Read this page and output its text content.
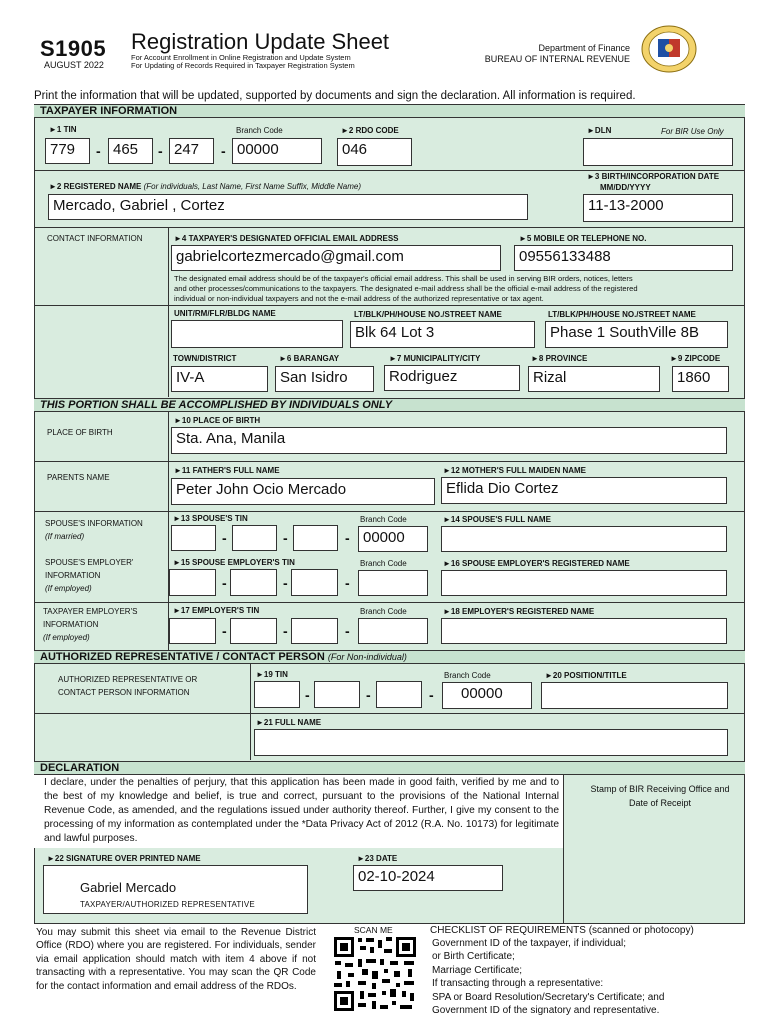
S1905
AUGUST 2022
Registration Update Sheet
For Account Enrollment in Online Registration and Update System
For Updating of Records Required in Taxpayer Registration System
Department of Finance
BUREAU OF INTERNAL REVENUE
Print the information that will be updated, supported by documents and sign the declaration. All information is required.
TAXPAYER INFORMATION
►1 TIN
779	- 465	- 247	-
Branch Code
00000
►2 RDO CODE
046
►DLN	For BIR Use Only
►2 REGISTERED NAME (For individuals, Last Name, First Name Suffix, Middle Name)
Mercado, Gabriel , Cortez
►3 BIRTH/INCORPORATION DATE
MM/DD/YYYY
11-13-2000
CONTACT INFORMATION	►4 TAXPAYER'S DESIGNATED OFFICIAL EMAIL ADDRESS
gabrielcortezmercado@gmail.com
►5 MOBILE OR TELEPHONE NO.
09556133488
The designated email address should be of the taxpayer's official email address. This shall be used in serving BIR orders, notices, letters
and other processes/communications to the taxpayers. The designated e-mail address shall be the official e-mail address of the registered
individual or non-individual taxpayers and not the e-mail address of the authorized representative or tax agent.
UNIT/RM/FLR/BLDG NAME	LT/BLK/PH/HOUSE NO./STREET NAME
Blk 64 Lot 3
LT/BLK/PH/HOUSE NO./STREET NAME
Phase 1 SouthVille 8B
TOWN/DISTRICT
IV-A
►6 BARANGAY
San Isidro
►7 MUNICIPALITY/CITY
Rodriguez
►8 PROVINCE
Rizal
►9 ZIPCODE
1860
THIS PORTION SHALL BE ACCOMPLISHED BY INDIVIDUALS ONLY
PLACE OF BIRTH
►10 PLACE OF BIRTH
Sta. Ana, Manila
PARENTS NAME
►11 FATHER'S FULL NAME
Peter John Ocio Mercado
►12 MOTHER'S FULL MAIDEN NAME
Eflida Dio Cortez
SPOUSE'S INFORMATION
(If married)
►13 SPOUSE'S TIN
-	-	-
Branch Code
00000
►14 SPOUSE'S FULL NAME
SPOUSE'S EMPLOYER'
INFORMATION
(If employed)
►15 SPOUSE EMPLOYER'S TIN
-	-	-
Branch Code	►16 SPOUSE EMPLOYER'S REGISTERED NAME
TAXPAYER EMPLOYER'S
INFORMATION
(If employed)
►17 EMPLOYER'S TIN
-	-	-
Branch Code	►18 EMPLOYER'S REGISTERED NAME
AUTHORIZED REPRESENTATIVE / CONTACT PERSON (For Non-individual)
AUTHORIZED REPRESENTATIVE OR
CONTACT PERSON INFORMATION
►19 TIN
-	-	-
Branch Code
00000
►20 POSITION/TITLE
►21 FULL NAME
DECLARATION
I declare, under the penalties of perjury, that this application has been made in good faith, verified by me and to the best of my knowledge and belief, is true and correct, pursuant to the provisions of the National Internal Revenue Code, as amended, and the regulations issued under authority thereof. Further, I give my consent to the processing of my information as contemplated under the *Data Privacy Act of 2012 (R.A. No. 10173) for legitimate and lawful purposes.
Stamp of BIR Receiving Office and Date of Receipt
►22 SIGNATURE OVER PRINTED NAME
Gabriel Mercado
TAXPAYER/AUTHORIZED REPRESENTATIVE
►23 DATE
02-10-2024
You may submit this sheet via email to the Revenue District Office (RDO) where you are registered. For individuals, sender via email application should match with item 4 above if not transacting with a representative. You may scan the QR Code for the contact information and email address of the RDOs.
SCAN ME	CHECKLIST OF REQUIREMENTS (scanned or photocopy)
Government ID of the taxpayer, if individual;
or Birth Certificate;
Marriage Certificate;
If transacting through a representative:
SPA or Board Resolution/Secretary's Certificate; and
Government ID of the signatory and representative.
